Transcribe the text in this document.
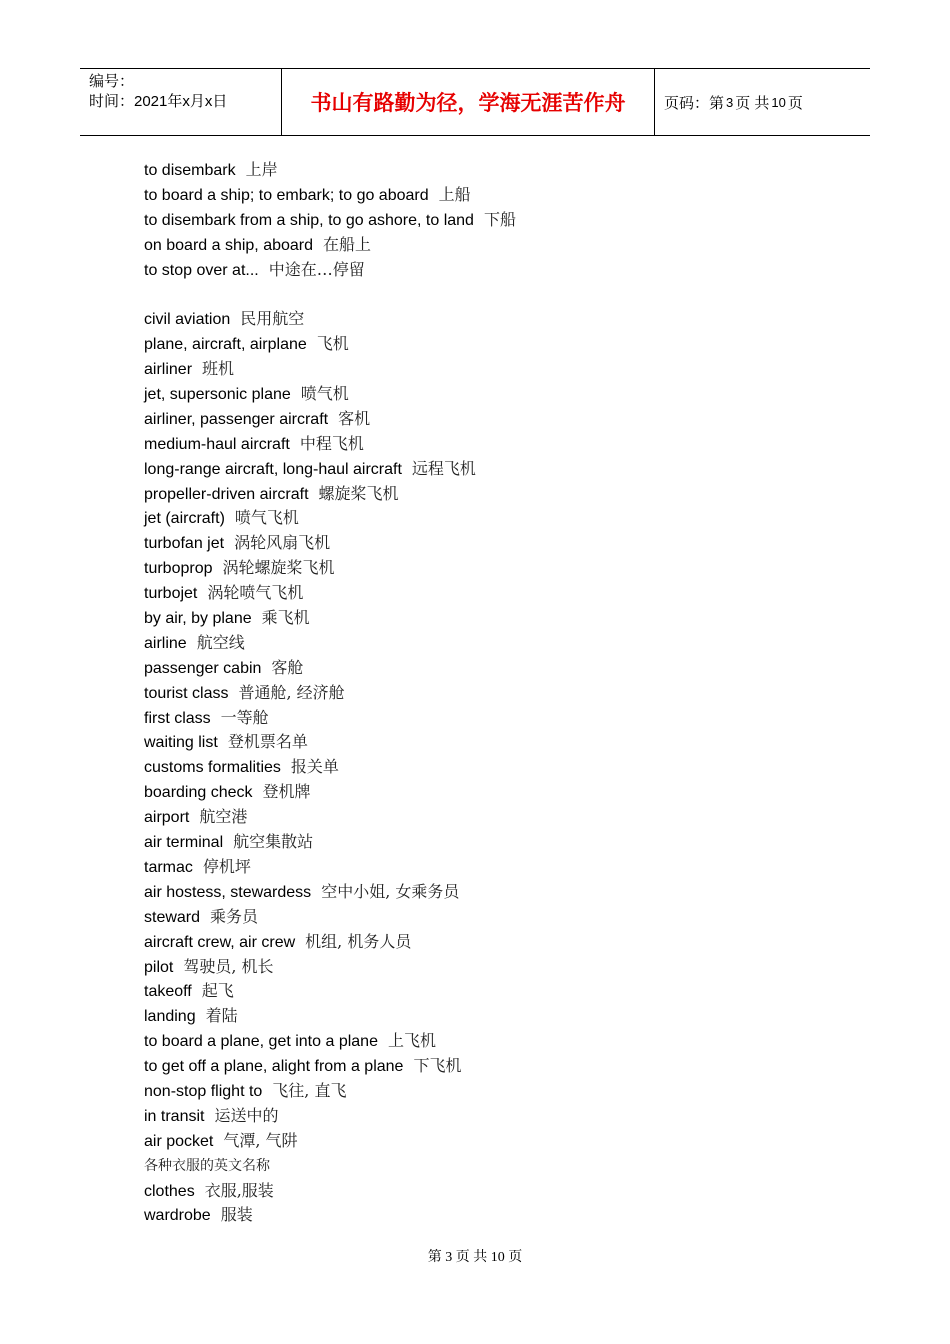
编号：
时间：2021年x月x日	书山有路勤为径，学海无涯苦作舟	页码：第 3 页 共 10 页
to disembark 上岸
to board a ship; to embark; to go aboard 上船
to disembark from a ship, to go ashore, to land 下船
on board a ship, aboard 在船上
to stop over at... 中途在…停留
civil aviation 民用航空
plane, aircraft, airplane 飞机
airliner 班机
jet, supersonic plane 喷气机
airliner, passenger aircraft 客机
medium-haul aircraft 中程飞机
long-range aircraft, long-haul aircraft 远程飞机
propeller-driven aircraft 螺旋桨飞机
jet (aircraft) 喷气飞机
turbofan jet 涡轮风扇飞机
turboprop 涡轮螺旋桨飞机
turbojet 涡轮喷气飞机
by air, by plane 乘飞机
airline 航空线
passenger cabin 客舱
tourist class 普通舱, 经济舱
first class 一等舱
waiting list 登机票名单
customs formalities 报关单
boarding check 登机牌
airport 航空港
air terminal 航空集散站
tarmac 停机坪
air hostess, stewardess 空中小姐, 女乘务员
steward 乘务员
aircraft crew, air crew 机组, 机务人员
pilot 驾驶员, 机长
takeoff 起飞
landing 着陆
to board a plane, get into a plane 上飞机
to get off a plane, alight from a plane 下飞机
non-stop flight to 飞往, 直飞
in transit 运送中的
air pocket 气潭, 气阱
各种衣服的英文名称
clothes 衣服,服装
wardrobe 服装
第 3 页 共 10 页
